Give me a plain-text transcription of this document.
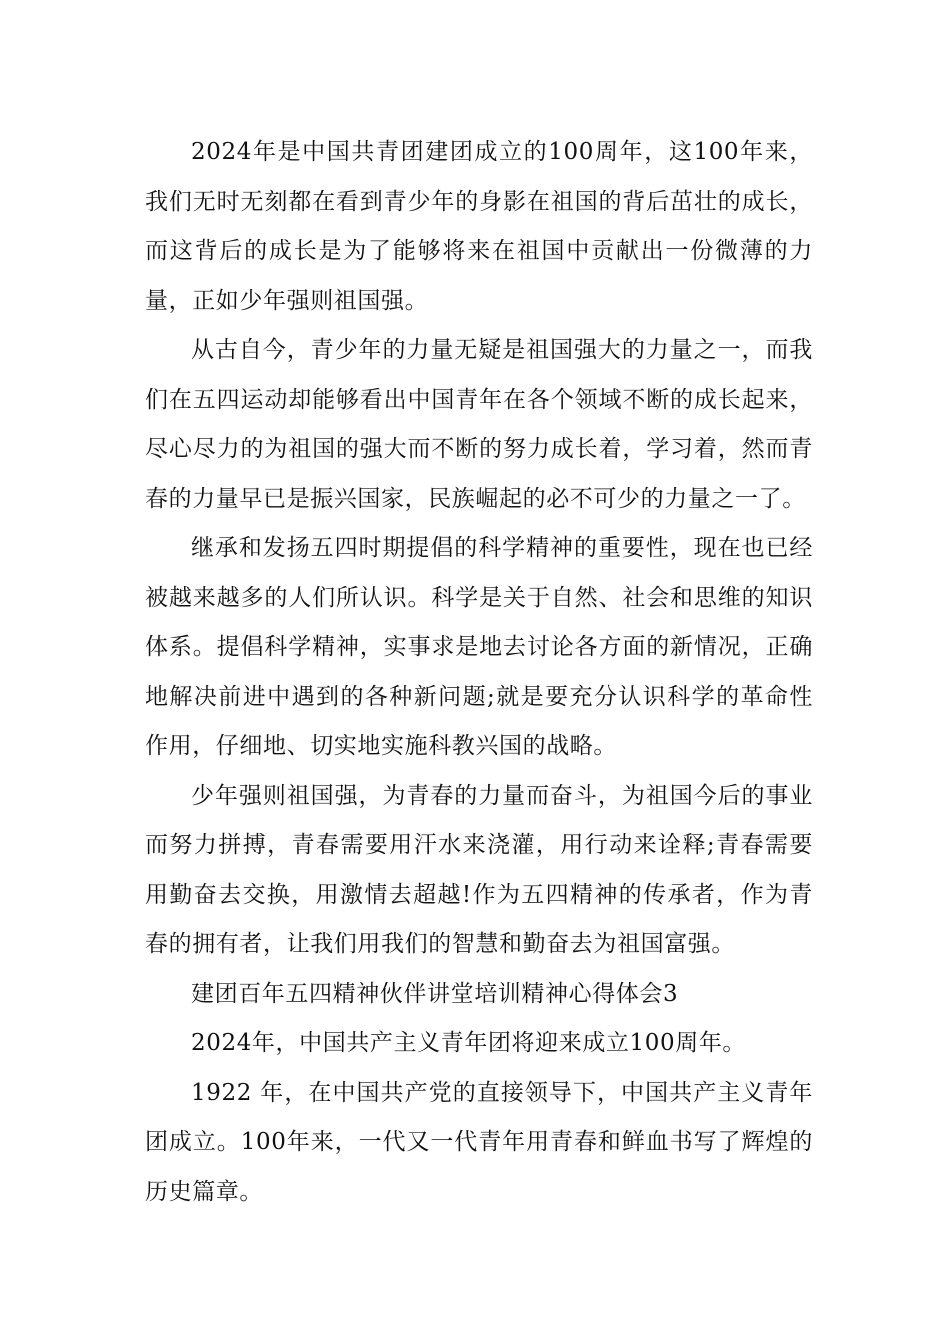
2024年是中国共青团建团成立的100周年，这100年来，我们无时无刻都在看到青少年的身影在祖国的背后茁壮的成长，而这背后的成长是为了能够将来在祖国中贡献出一份微薄的力量，正如少年强则祖国强。

从古自今，青少年的力量无疑是祖国强大的力量之一，而我们在五四运动却能够看出中国青年在各个领域不断的成长起来，尽心尽力的为祖国的强大而不断的努力成长着，学习着，然而青春的力量早已是振兴国家，民族崛起的必不可少的力量之一了。

继承和发扬五四时期提倡的科学精神的重要性，现在也已经被越来越多的人们所认识。科学是关于自然、社会和思维的知识体系。提倡科学精神，实事求是地去讨论各方面的新情况，正确地解决前进中遇到的各种新问题;就是要充分认识科学的革命性作用，仔细地、切实地实施科教兴国的战略。

少年强则祖国强，为青春的力量而奋斗，为祖国今后的事业而努力拼搏，青春需要用汗水来浇灌，用行动来诠释;青春需要用勤奋去交换，用激情去超越!作为五四精神的传承者，作为青春的拥有者，让我们用我们的智慧和勤奋去为祖国富强。

建团百年五四精神伙伴讲堂培训精神心得体会3

2024年，中国共产主义青年团将迎来成立100周年。

1922 年，在中国共产党的直接领导下，中国共产主义青年团成立。100年来，一代又一代青年用青春和鲜血书写了辉煌的历史篇章。
